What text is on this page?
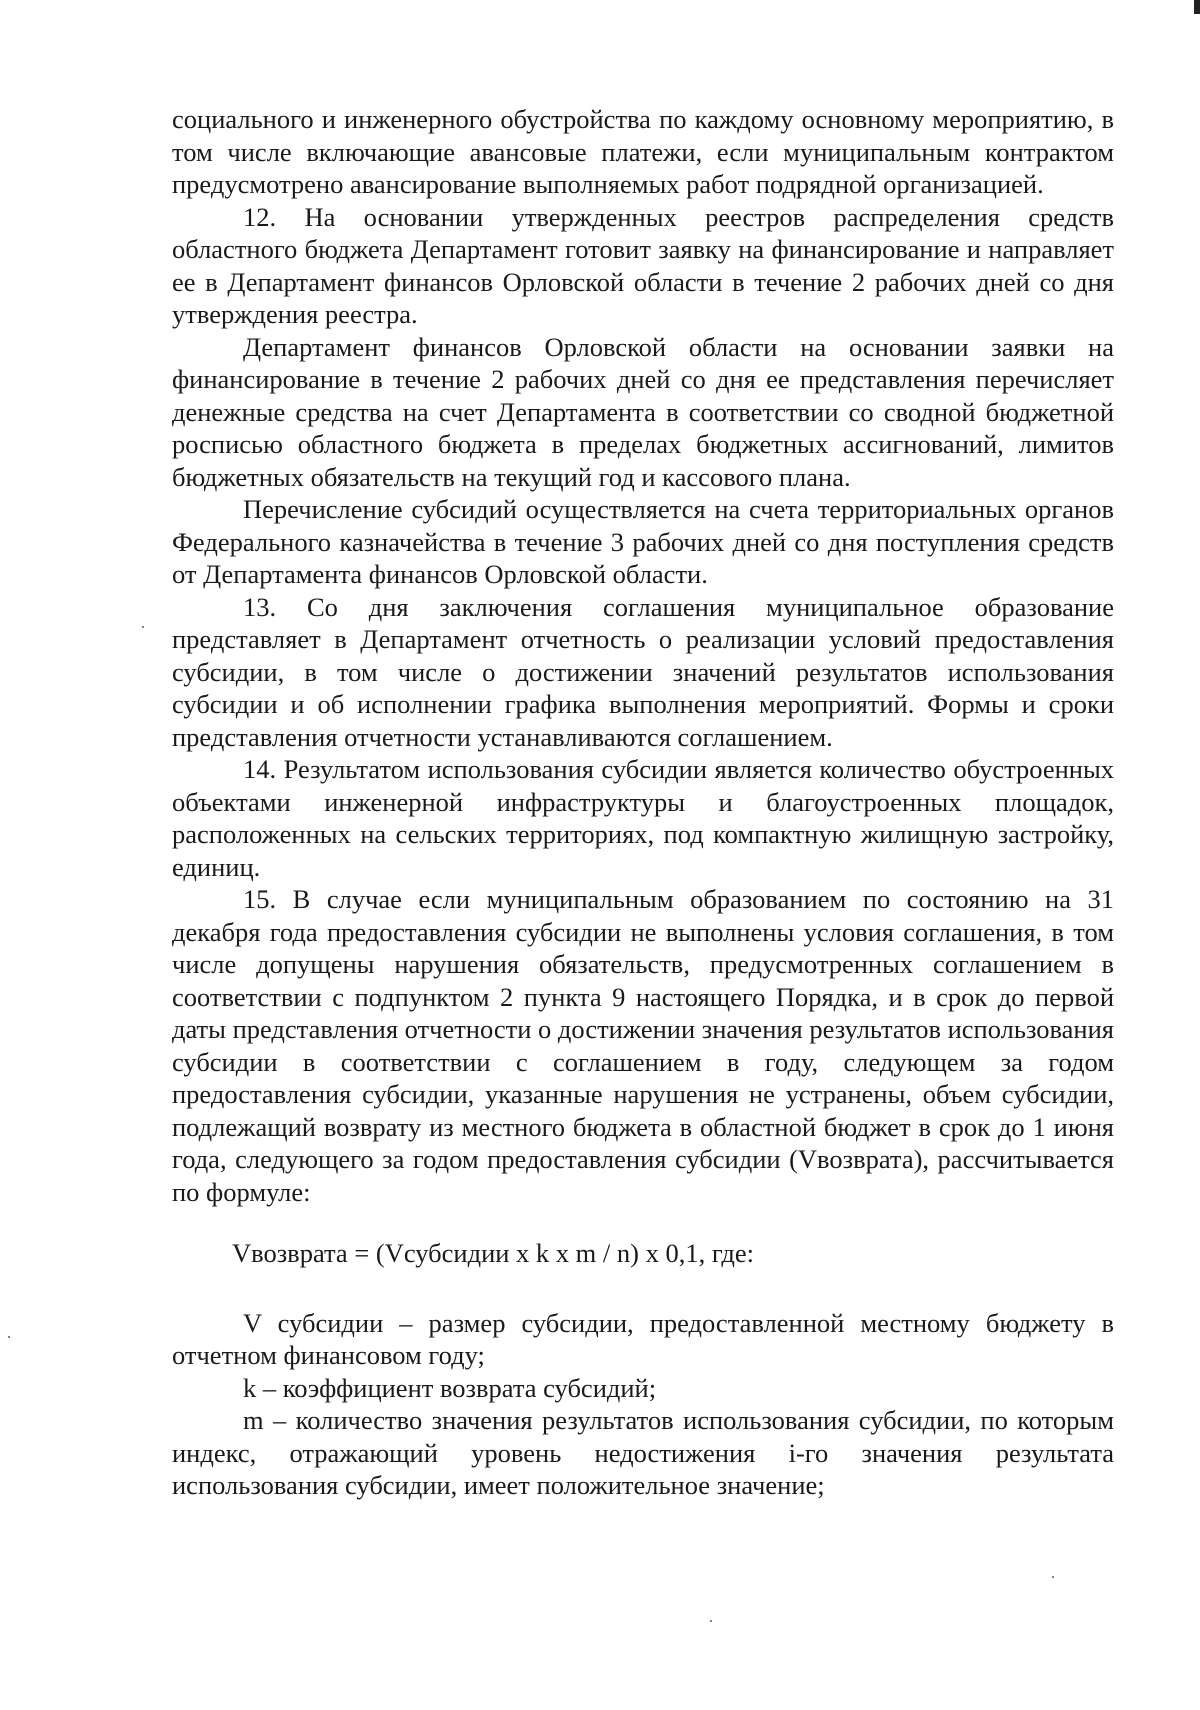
социального и инженерного обустройства по каждому основному мероприятию, в том числе включающие авансовые платежи, если муниципальным контрактом предусмотрено авансирование выполняемых работ подрядной организацией.

12. На основании утвержденных реестров распределения средств областного бюджета Департамент готовит заявку на финансирование и направляет ее в Департамент финансов Орловской области в течение 2 рабочих дней со дня утверждения реестра.

Департамент финансов Орловской области на основании заявки на финансирование в течение 2 рабочих дней со дня ее представления перечисляет денежные средства на счет Департамента в соответствии со сводной бюджетной росписью областного бюджета в пределах бюджетных ассигнований, лимитов бюджетных обязательств на текущий год и кассового плана.

Перечисление субсидий осуществляется на счета территориальных органов Федерального казначейства в течение 3 рабочих дней со дня поступления средств от Департамента финансов Орловской области.

13. Со дня заключения соглашения муниципальное образование представляет в Департамент отчетность о реализации условий предоставления субсидии, в том числе о достижении значений результатов использования субсидии и об исполнении графика выполнения мероприятий. Формы и сроки представления отчетности устанавливаются соглашением.

14. Результатом использования субсидии является количество обустроенных объектами инженерной инфраструктуры и благоустроенных площадок, расположенных на сельских территориях, под компактную жилищную застройку, единиц.

15. В случае если муниципальным образованием по состоянию на 31 декабря года предоставления субсидии не выполнены условия соглашения, в том числе допущены нарушения обязательств, предусмотренных соглашением в соответствии с подпунктом 2 пункта 9 настоящего Порядка, и в срок до первой даты представления отчетности о достижении значения результатов использования субсидии в соответствии с соглашением в году, следующем за годом предоставления субсидии, указанные нарушения не устранены, объем субсидии, подлежащий возврату из местного бюджета в областной бюджет в срок до 1 июня года, следующего за годом предоставления субсидии (Vвозврата), рассчитывается по формуле:

Vвозврата = (Vсубсидии x k x m / n) x 0,1, где:

V субсидии – размер субсидии, предоставленной местному бюджету в отчетном финансовом году;

k – коэффициент возврата субсидий;

m – количество значения результатов использования субсидии, по которым индекс, отражающий уровень недостижения i-го значения результата использования субсидии, имеет положительное значение;
